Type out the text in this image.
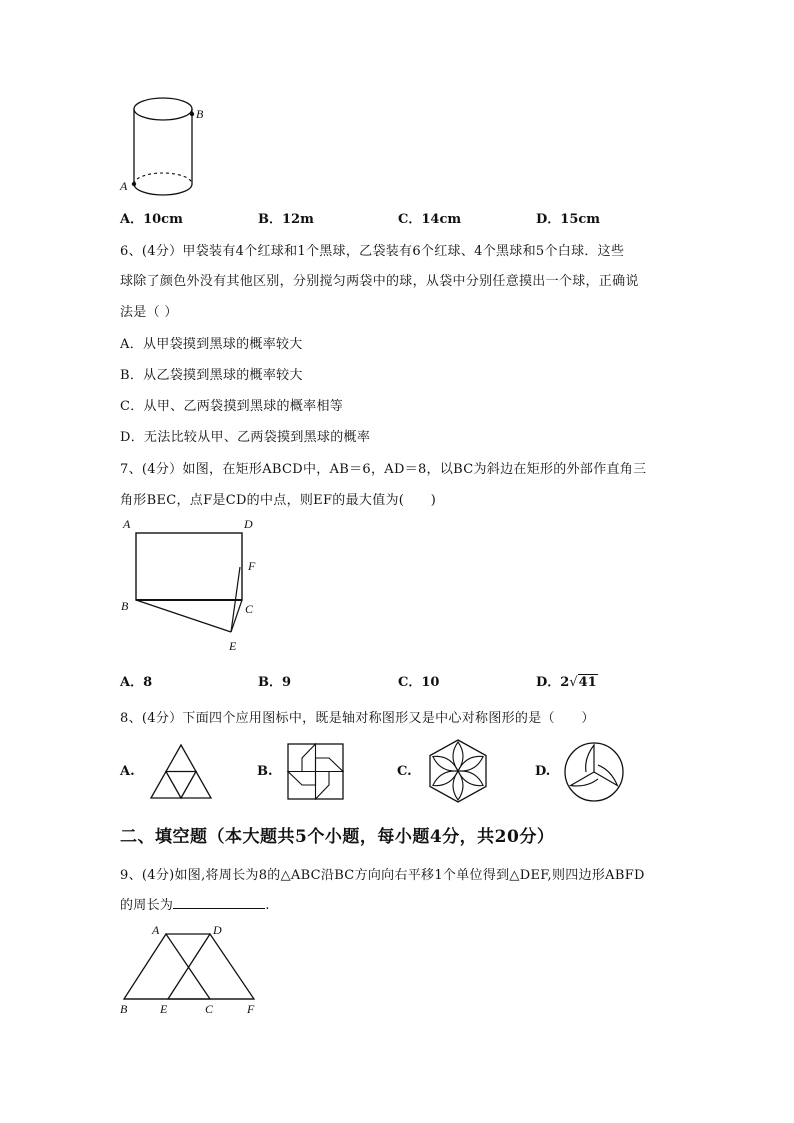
B
A
A．10cm	B．12m	C．14cm	D．15cm
6、(4分）甲袋装有4个红球和1个黑球，乙袋装有6个红球、4个黑球和5个白球．这些
球除了颜色外没有其他区别，分别搅匀两袋中的球，从袋中分别任意摸出一个球，正确说
法是（ ）
A．从甲袋摸到黑球的概率较大
B．从乙袋摸到黑球的概率较大
C．从甲、乙两袋摸到黑球的概率相等
D．无法比较从甲、乙两袋摸到黑球的概率
7、(4分）如图，在矩形ABCD中，AB＝6，AD＝8，以BC为斜边在矩形的外部作直角三
角形BEC，点F是CD的中点，则EF的最大值为(　　)
A	D
F
B	C
E
A．8	B．9	C．10	D．2√41
8、(4分）下面四个应用图标中，既是轴对称图形又是中心对称图形的是（　　）
A.	B.	C.	D.
二、填空题（本大题共5个小题，每小题4分，共20分）
9、(4分)如图,将周长为8的△ABC沿BC方向向右平移1个单位得到△DEF,则四边形ABFD
的周长为	.
A	D
B	E	C	F
